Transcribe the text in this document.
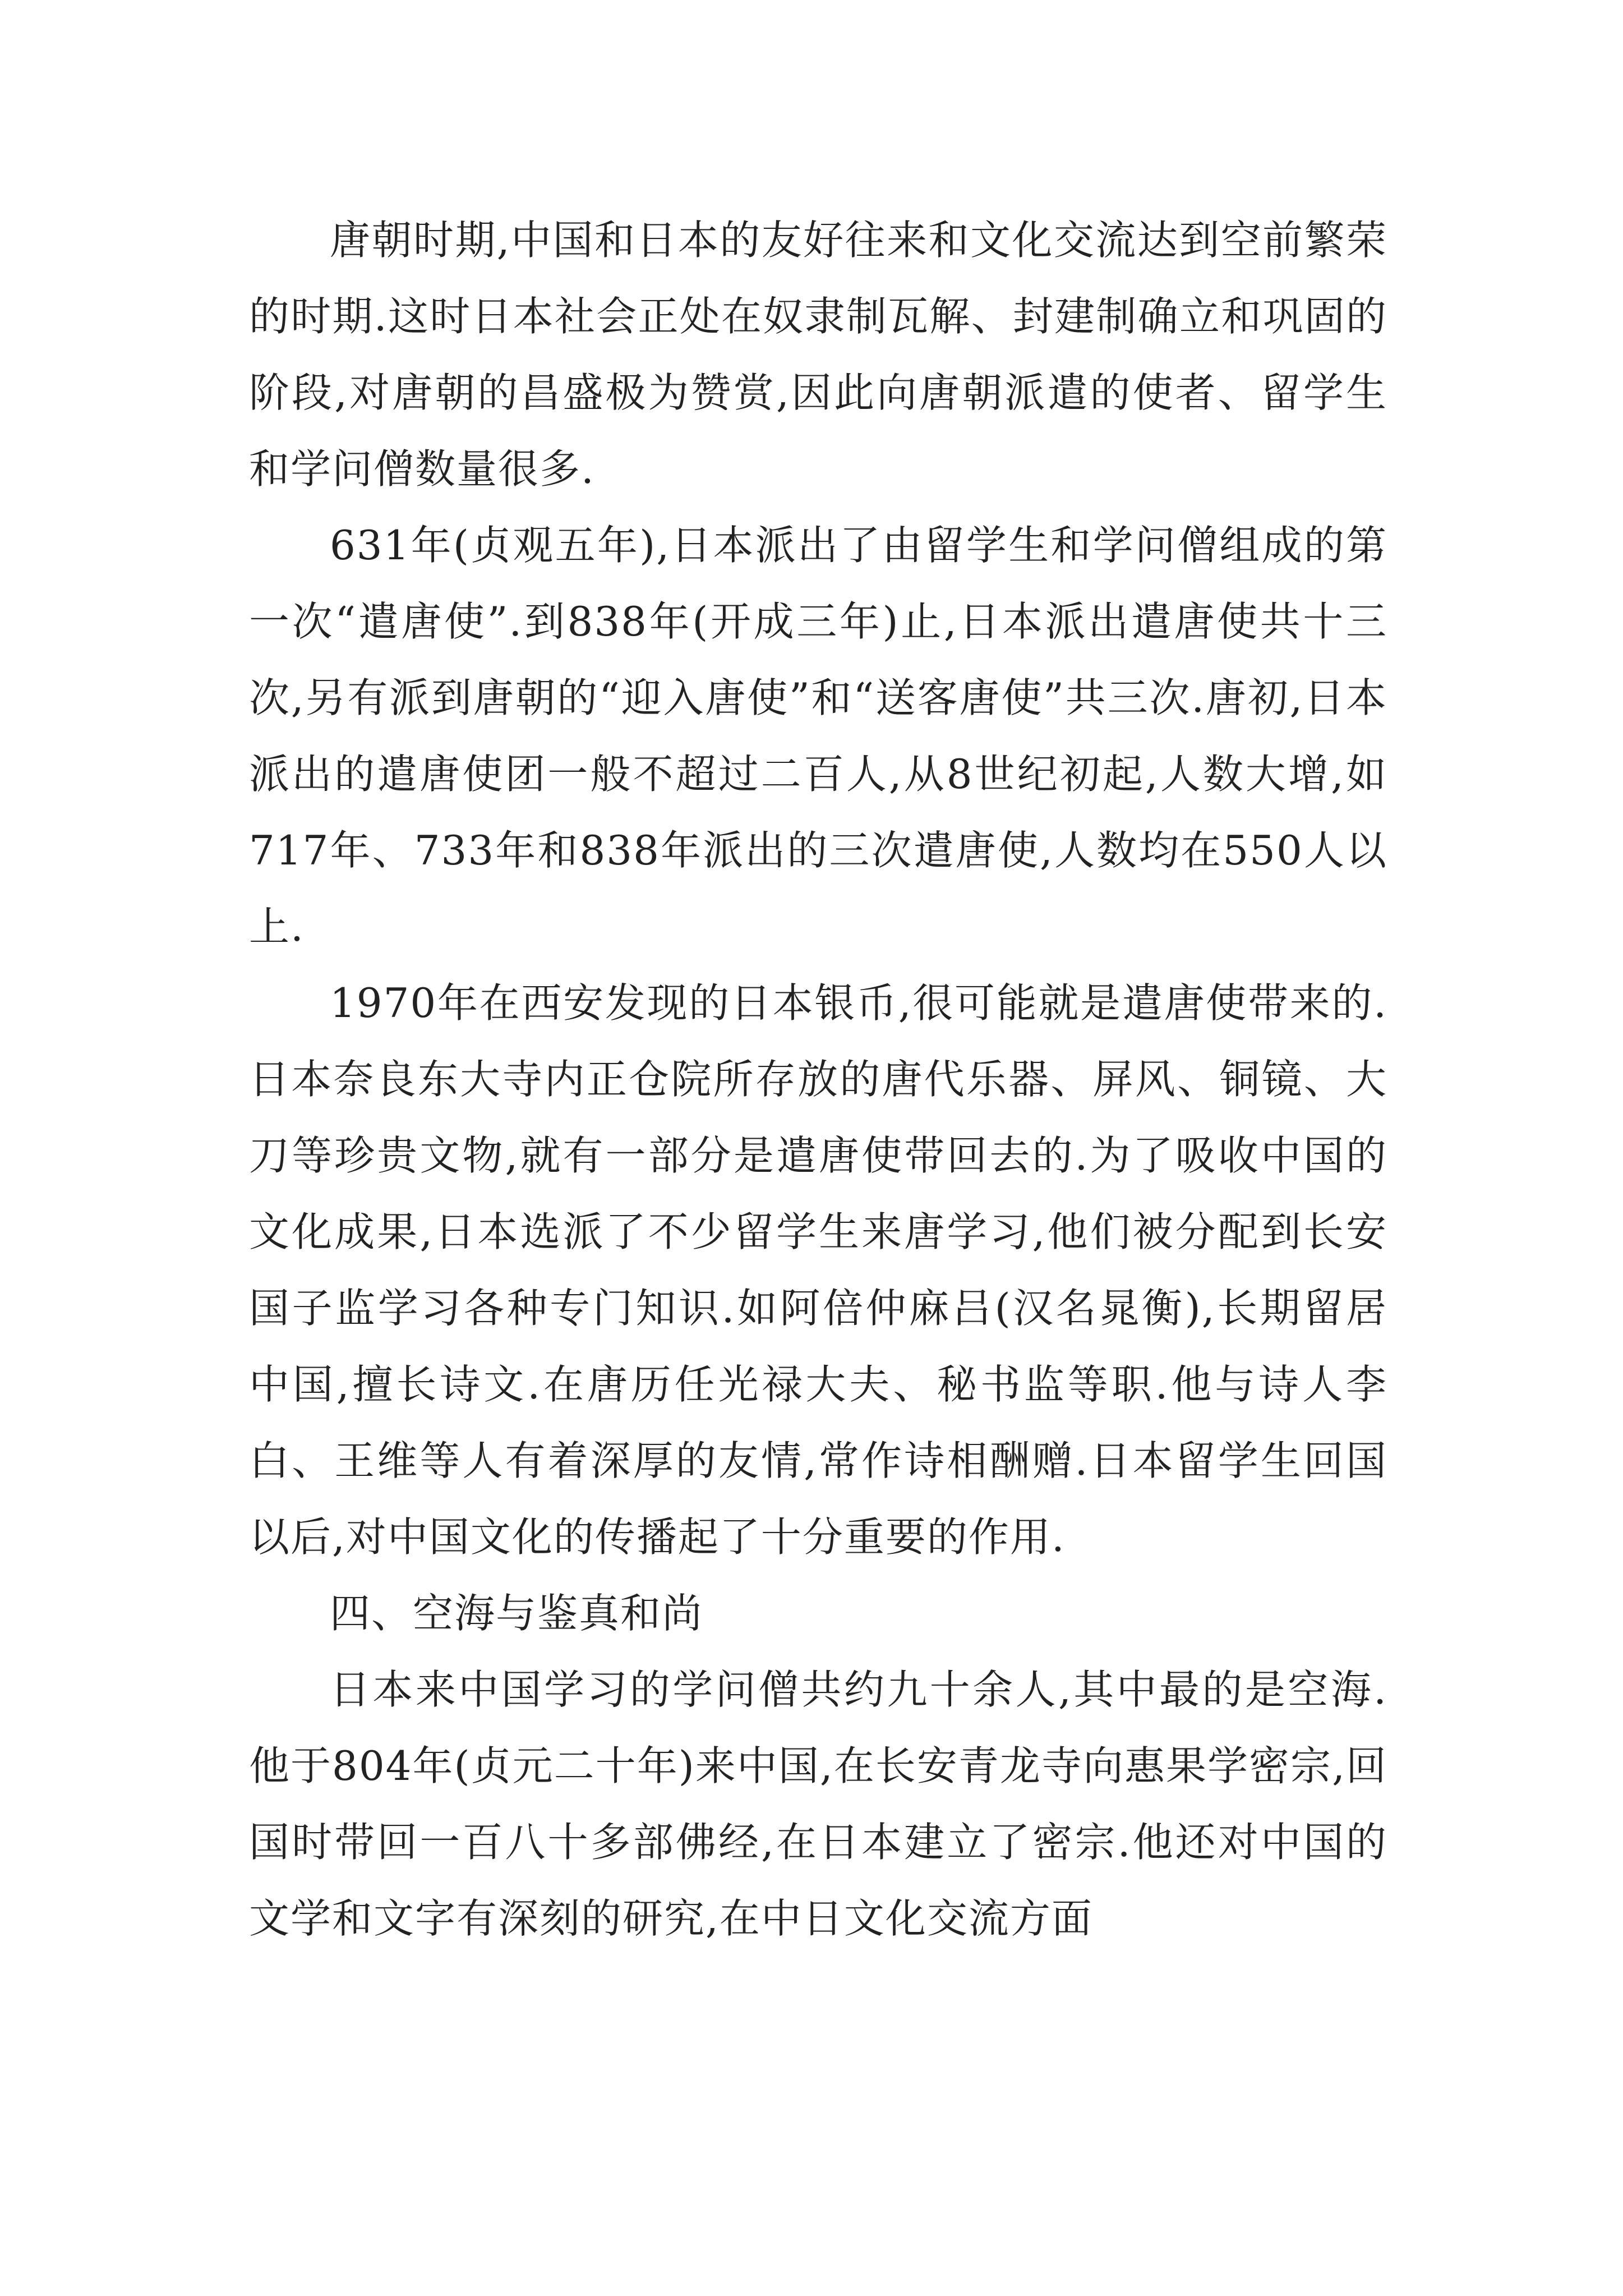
唐朝时期,中国和日本的友好往来和文化交流达到空前繁荣的时期.这时日本社会正处在奴隶制瓦解、封建制确立和巩固的阶段,对唐朝的昌盛极为赞赏,因此向唐朝派遣的使者、留学生和学问僧数量很多.

631年(贞观五年),日本派出了由留学生和学问僧组成的第一次“遣唐使”.到838年(开成三年)止,日本派出遣唐使共十三次,另有派到唐朝的“迎入唐使”和“送客唐使”共三次.唐初,日本派出的遣唐使团一般不超过二百人,从8世纪初起,人数大增,如717年、733年和838年派出的三次遣唐使,人数均在550人以上.

1970年在西安发现的日本银币,很可能就是遣唐使带来的.日本奈良东大寺内正仓院所存放的唐代乐器、屏风、铜镜、大刀等珍贵文物,就有一部分是遣唐使带回去的.为了吸收中国的文化成果,日本选派了不少留学生来唐学习,他们被分配到长安国子监学习各种专门知识.如阿倍仲麻吕(汉名晁衡),长期留居中国,擅长诗文.在唐历任光禄大夫、秘书监等职.他与诗人李白、王维等人有着深厚的友情,常作诗相酬赠.日本留学生回国以后,对中国文化的传播起了十分重要的作用.

四、空海与鉴真和尚

日本来中国学习的学问僧共约九十余人,其中最的是空海.他于804年(贞元二十年)来中国,在长安青龙寺向惠果学密宗,回国时带回一百八十多部佛经,在日本建立了密宗.他还对中国的文学和文字有深刻的研究,在中日文化交流方面
